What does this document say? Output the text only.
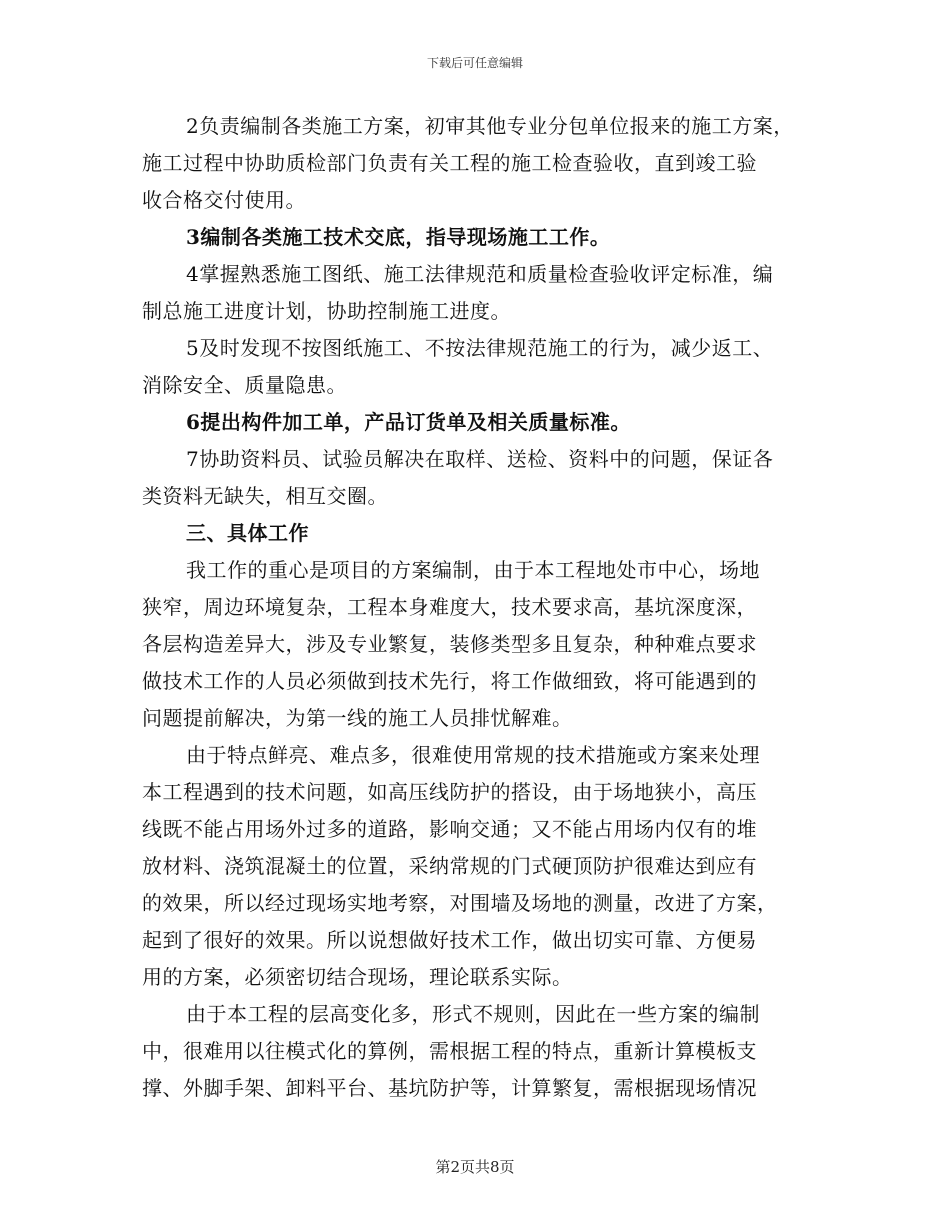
下载后可任意编辑
2负责编制各类施工方案，初审其他专业分包单位报来的施工方案，
施工过程中协助质检部门负责有关工程的施工检查验收，直到竣工验
收合格交付使用。
3编制各类施工技术交底，指导现场施工工作。
4掌握熟悉施工图纸、施工法律规范和质量检查验收评定标准，编
制总施工进度计划，协助控制施工进度。
5及时发现不按图纸施工、不按法律规范施工的行为，减少返工、
消除安全、质量隐患。
6提出构件加工单，产品订货单及相关质量标准。
7协助资料员、试验员解决在取样、送检、资料中的问题，保证各
类资料无缺失，相互交圈。
三、具体工作
我工作的重心是项目的方案编制，由于本工程地处市中心，场地
狭窄，周边环境复杂，工程本身难度大，技术要求高，基坑深度深，
各层构造差异大，涉及专业繁复，装修类型多且复杂，种种难点要求
做技术工作的人员必须做到技术先行，将工作做细致，将可能遇到的
问题提前解决，为第一线的施工人员排忧解难。
由于特点鲜亮、难点多，很难使用常规的技术措施或方案来处理
本工程遇到的技术问题，如高压线防护的搭设，由于场地狭小，高压
线既不能占用场外过多的道路，影响交通；又不能占用场内仅有的堆
放材料、浇筑混凝土的位置，采纳常规的门式硬顶防护很难达到应有
的效果，所以经过现场实地考察，对围墙及场地的测量，改进了方案，
起到了很好的效果。所以说想做好技术工作，做出切实可靠、方便易
用的方案，必须密切结合现场，理论联系实际。
由于本工程的层高变化多，形式不规则，因此在一些方案的编制
中，很难用以往模式化的算例，需根据工程的特点，重新计算模板支
撑、外脚手架、卸料平台、基坑防护等，计算繁复，需根据现场情况
第2页共8页
